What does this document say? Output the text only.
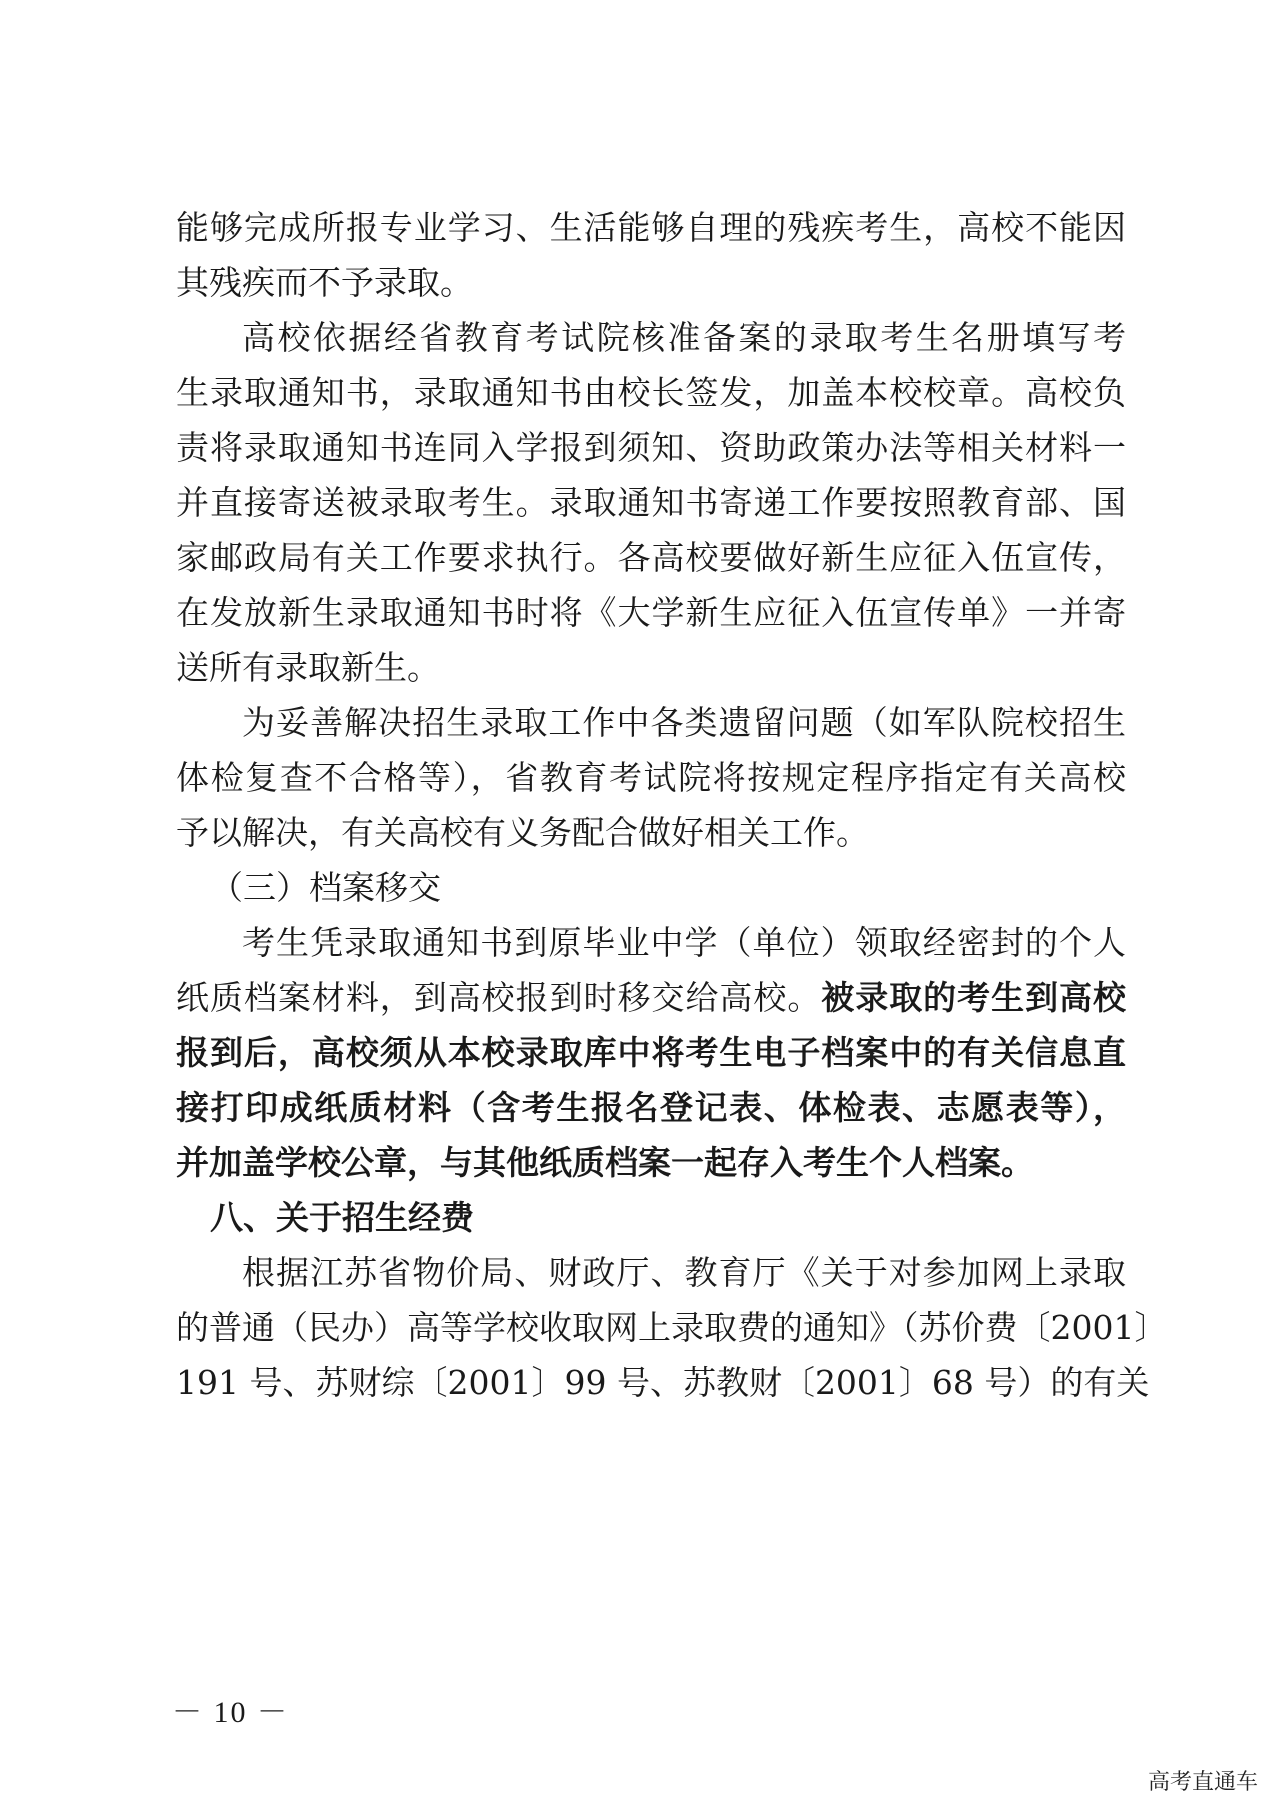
能够完成所报专业学习、生活能够自理的残疾考生，高校不能因
其残疾而不予录取。
高校依据经省教育考试院核准备案的录取考生名册填写考
生录取通知书，录取通知书由校长签发，加盖本校校章。高校负
责将录取通知书连同入学报到须知、资助政策办法等相关材料一
并直接寄送被录取考生。录取通知书寄递工作要按照教育部、国
家邮政局有关工作要求执行。各高校要做好新生应征入伍宣传，
在发放新生录取通知书时将《大学新生应征入伍宣传单》一并寄
送所有录取新生。
为妥善解决招生录取工作中各类遗留问题（如军队院校招生
体检复查不合格等），省教育考试院将按规定程序指定有关高校
予以解决，有关高校有义务配合做好相关工作。
（三）档案移交
考生凭录取通知书到原毕业中学（单位）领取经密封的个人
纸质档案材料，到高校报到时移交给高校。被录取的考生到高校
报到后，高校须从本校录取库中将考生电子档案中的有关信息直
接打印成纸质材料（含考生报名登记表、体检表、志愿表等），
并加盖学校公章，与其他纸质档案一起存入考生个人档案。
八、关于招生经费
根据江苏省物价局、财政厅、教育厅《关于对参加网上录取
的普通（民办）高等学校收取网上录取费的通知》（苏价费〔2001〕
191 号、苏财综〔2001〕99 号、苏教财〔2001〕68 号）的有关
－ 10 －
高考直通车
